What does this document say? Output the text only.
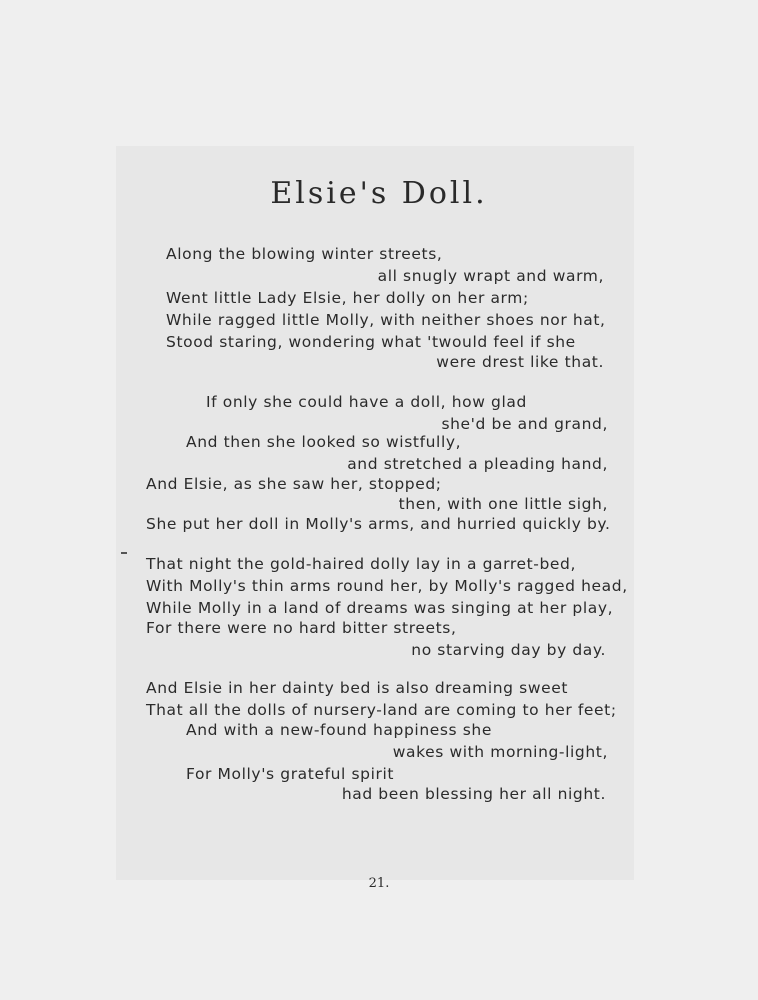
Elsie's Doll.
Along the blowing winter streets,
all snugly wrapt and warm,
Went little Lady Elsie, her dolly on her arm;
While ragged little Molly, with neither shoes nor hat,
Stood staring, wondering what 'twould feel if she
were drest like that.
If only she could have a doll, how glad
she'd be and grand,
And then she looked so wistfully,
and stretched a pleading hand,
And Elsie, as she saw her, stopped;
then, with one little sigh,
She put her doll in Molly's arms, and hurried quickly by.
That night the gold-haired dolly lay in a garret-bed,
With Molly's thin arms round her, by Molly's ragged head,
While Molly in a land of dreams was singing at her play,
For there were no hard bitter streets,
no starving day by day.
And Elsie in her dainty bed is also dreaming sweet
That all the dolls of nursery-land are coming to her feet;
And with a new-found happiness she
wakes with morning-light,
For Molly's grateful spirit
had been blessing her all night.
21.
